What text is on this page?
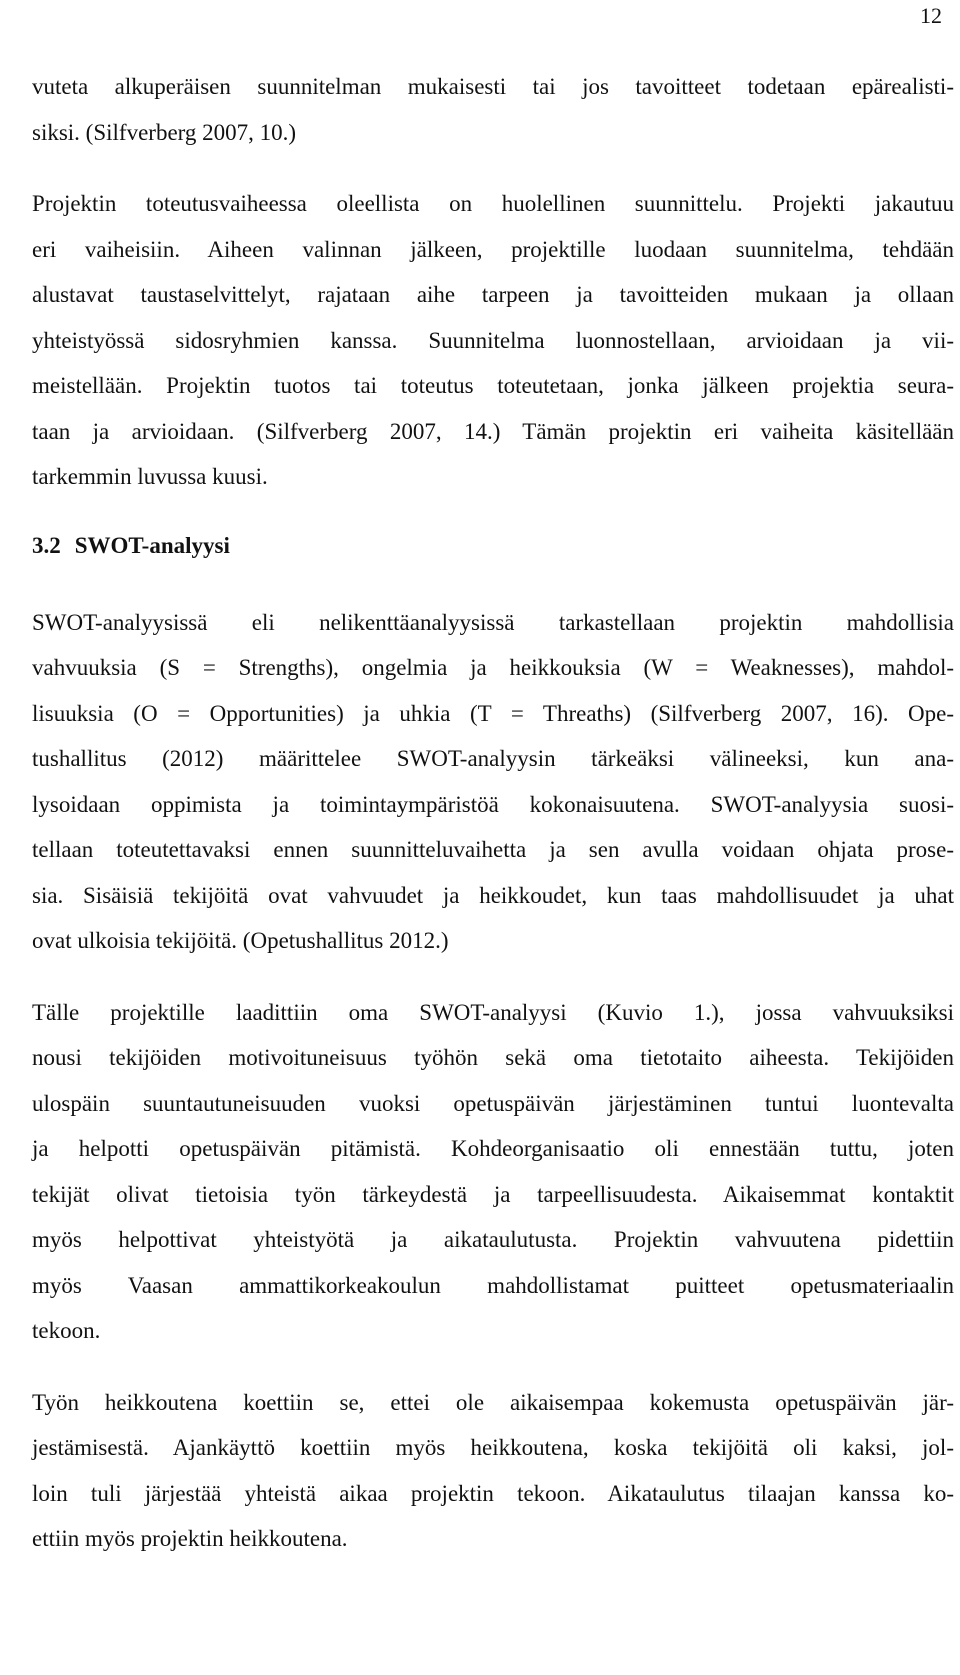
12

vuteta alkuperäisen suunnitelman mukaisesti tai jos tavoitteet todetaan epärealisti-
siksi. (Silfverberg 2007, 10.)

Projektin toteutusvaiheessa oleellista on huolellinen suunnittelu. Projekti jakautuu
eri vaiheisiin. Aiheen valinnan jälkeen, projektille luodaan suunnitelma, tehdään
alustavat taustaselvittelyt, rajataan aihe tarpeen ja tavoitteiden mukaan ja ollaan
yhteistyössä sidosryhmien kanssa. Suunnitelma luonnostellaan, arvioidaan ja vii-
meistellään. Projektin tuotos tai toteutus toteutetaan, jonka jälkeen projektia seura-
taan ja arvioidaan. (Silfverberg 2007, 14.) Tämän projektin eri vaiheita käsitellään
tarkemmin luvussa kuusi.

3.2 SWOT-analyysi

SWOT-analyysissä eli nelikenttäanalyysissä tarkastellaan projektin mahdollisia
vahvuuksia (S = Strengths), ongelmia ja heikkouksia (W = Weaknesses), mahdol-
lisuuksia (O = Opportunities) ja uhkia (T = Threaths) (Silfverberg 2007, 16). Ope-
tushallitus (2012) määrittelee SWOT-analyysin tärkeäksi välineeksi, kun ana-
lysoidaan oppimista ja toimintaympäristöä kokonaisuutena. SWOT-analyysia suosi-
tellaan toteutettavaksi ennen suunnitteluvaihetta ja sen avulla voidaan ohjata prose-
sia. Sisäisiä tekijöitä ovat vahvuudet ja heikkoudet, kun taas mahdollisuudet ja uhat
ovat ulkoisia tekijöitä. (Opetushallitus 2012.)

Tälle projektille laadittiin oma SWOT-analyysi (Kuvio 1.), jossa vahvuuksiksi
nousi tekijöiden motivoituneisuus työhön sekä oma tietotaito aiheesta. Tekijöiden
ulospäin suuntautuneisuuden vuoksi opetuspäivän järjestäminen tuntui luontevalta
ja helpotti opetuspäivän pitämistä. Kohdeorganisaatio oli ennestään tuttu, joten
tekijät olivat tietoisia työn tärkeydestä ja tarpeellisuudesta. Aikaisemmat kontaktit
myös helpottivat yhteistyötä ja aikataulutusta. Projektin vahvuutena pidettiin
myös Vaasan ammattikorkeakoulun mahdollistamat puitteet opetusmateriaalin
tekoon.

Työn heikkoutena koettiin se, ettei ole aikaisempaa kokemusta opetuspäivän jär-
jestämisestä. Ajankäyttö koettiin myös heikkoutena, koska tekijöitä oli kaksi, jol-
loin tuli järjestää yhteistä aikaa projektin tekoon. Aikataulutus tilaajan kanssa ko-
ettiin myös projektin heikkoutena.
